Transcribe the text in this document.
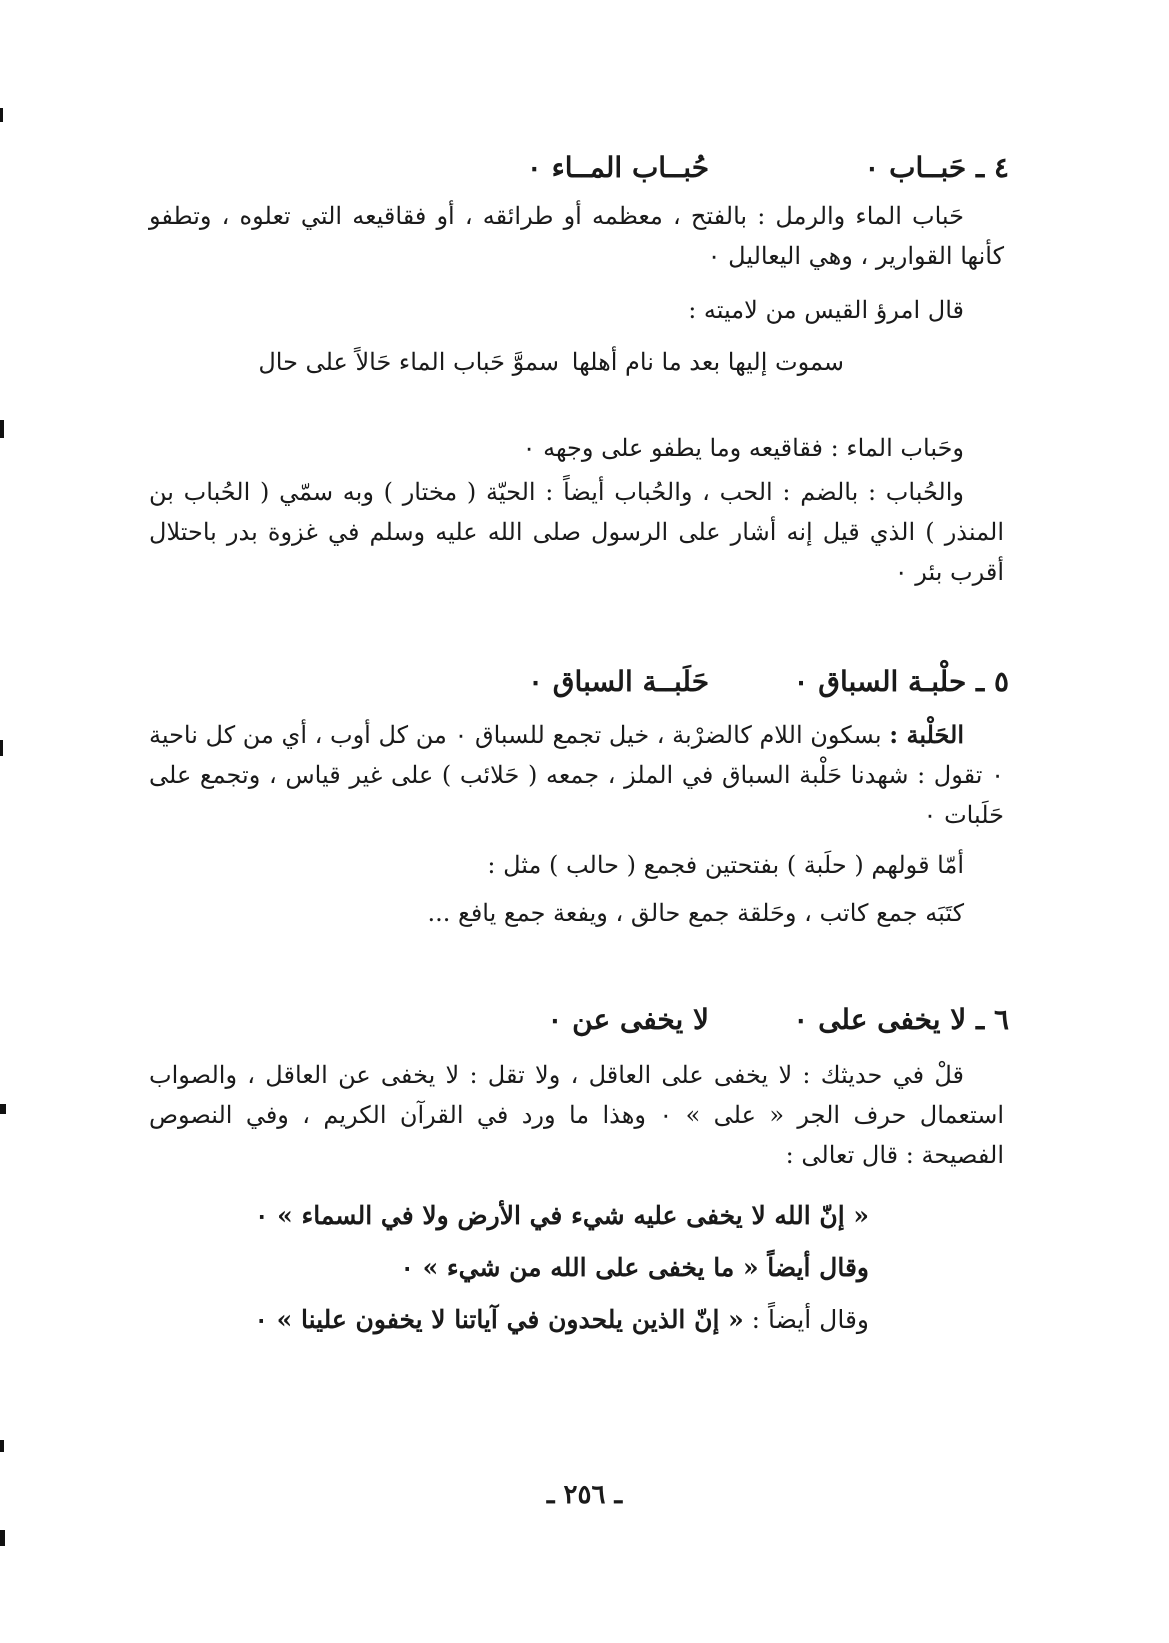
٤ ـ حَبــاب ٠
حُبــاب المــاء ٠

حَباب الماء والرمل : بالفتح ، معظمه أو طرائقه ، أو فقاقيعه التي تعلوه ، وتطفو كأنها القوارير ، وهي اليعاليل ٠

قال امرؤ القيس من لاميته :

سموت إليها بعد ما نام أهلها
سموَّ حَباب الماء حَالاً على حال

وحَباب الماء : فقاقيعه وما يطفو على وجهه ٠

والحُباب : بالضم : الحب ، والحُباب أيضاً : الحيّة ( مختار ) وبه سمّي ( الحُباب بن المنذر ) الذي قيل إنه أشار على الرسول صلى الله عليه وسلم في غزوة بدر باحتلال أقرب بئر ٠

٥ ـ حلْبـة السباق ٠
حَلَبــة السباق ٠

الحَلْبة : بسكون اللام كالضرْبة ، خيل تجمع للسباق ٠ من كل أوب ، أي من كل ناحية ٠ تقول : شهدنا حَلْبة السباق في الملز ، جمعه ( حَلائب ) على غير قياس ، وتجمع على حَلَبات ٠

أمّا قولهم ( حلَبة ) بفتحتين فجمع ( حالب ) مثل :

كتَبَه جمع كاتب ، وحَلقة جمع حالق ، ويفعة جمع يافع ...

٦ ـ لا يخفى على ٠
لا يخفى عن ٠

قلْ في حديثك : لا يخفى على العاقل ، ولا تقل : لا يخفى عن العاقل ، والصواب استعمال حرف الجر « على » ٠ وهذا ما ورد في القرآن الكريم ، وفي النصوص الفصيحة : قال تعالى :

« إنّ الله لا يخفى عليه شيء في الأرض ولا في السماء » ٠
وقال أيضاً « ما يخفى على الله من شيء » ٠
وقال أيضاً : « إنّ الذين يلحدون في آياتنا لا يخفون علينا » ٠
ـ ٢٥٦ ـ
